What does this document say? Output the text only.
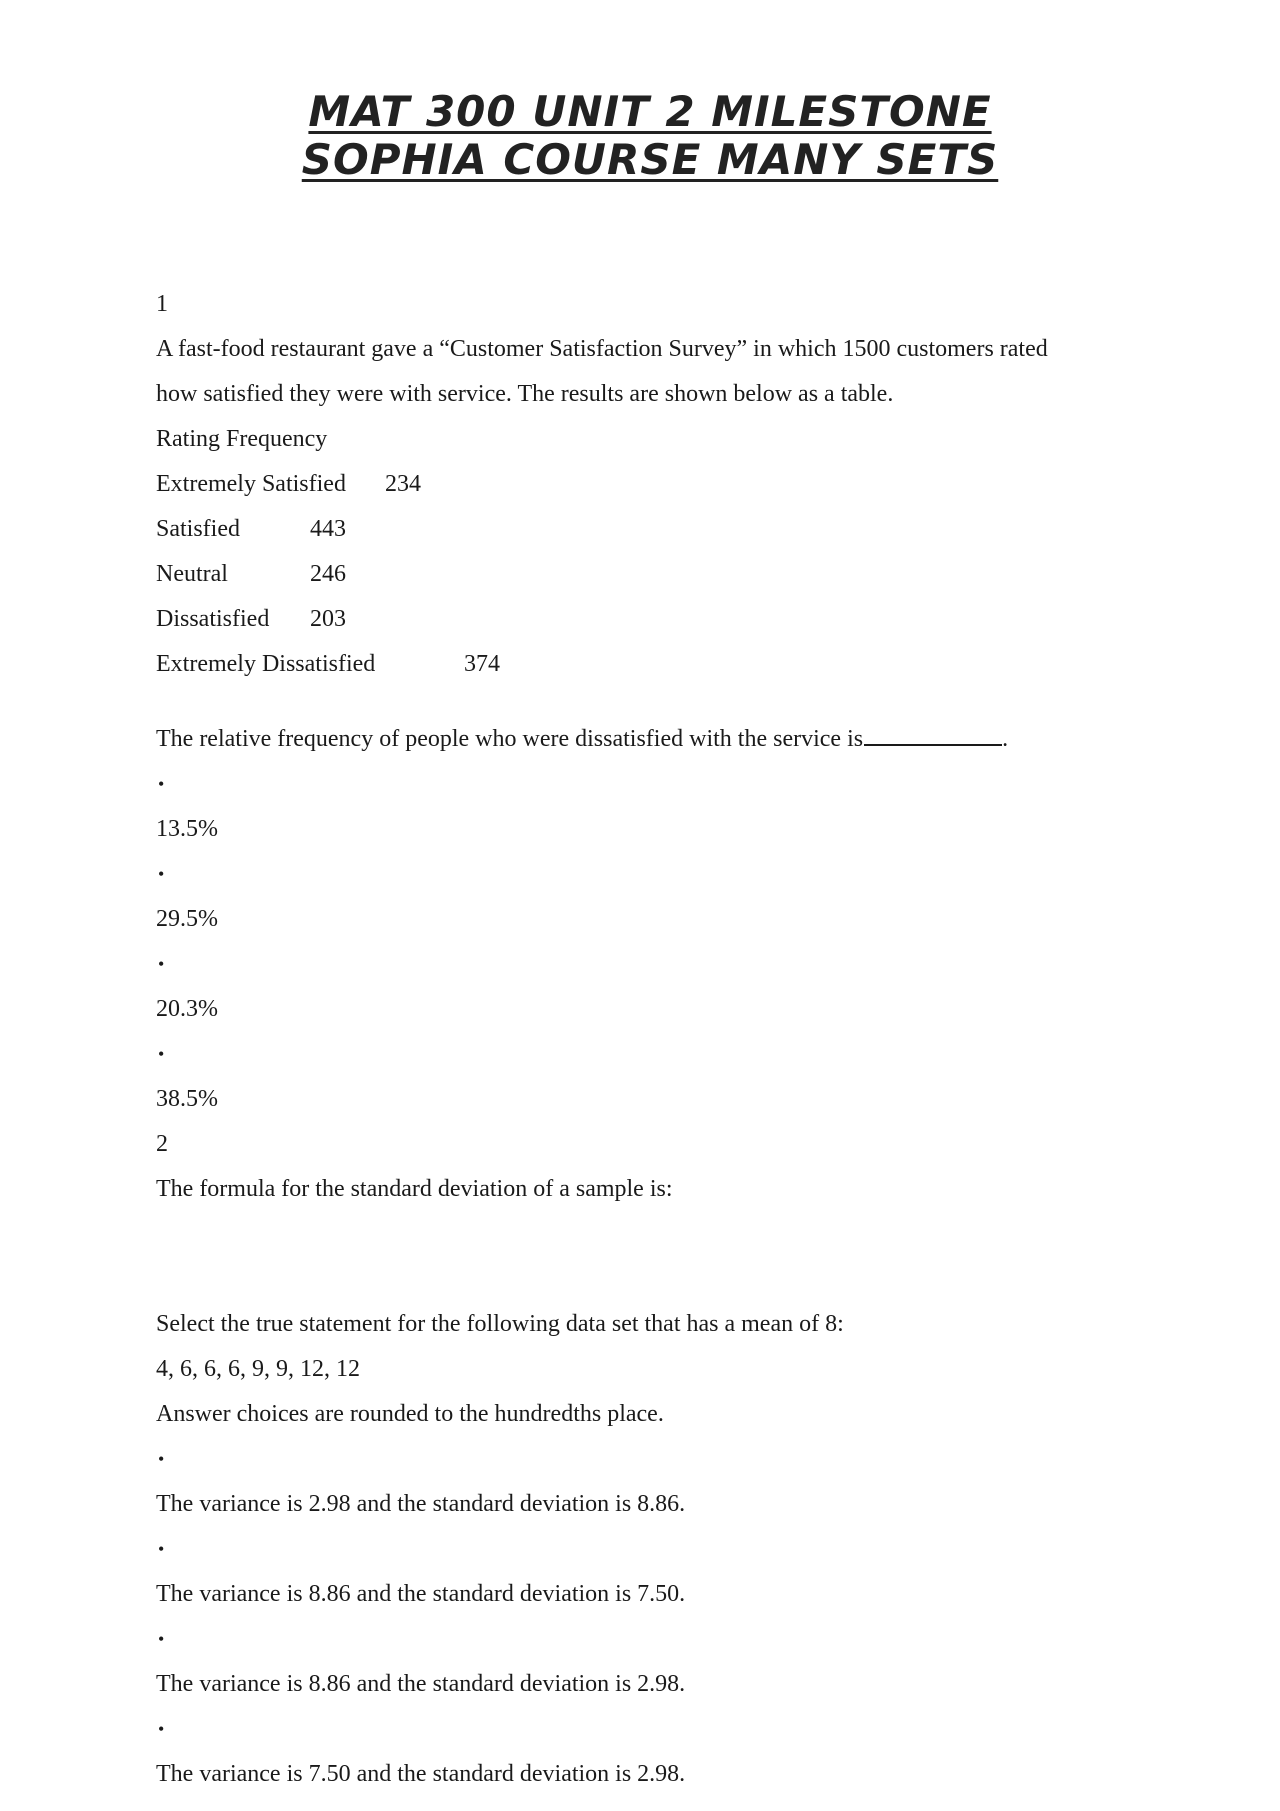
MAT 300 UNIT 2 MILESTONE
SOPHIA COURSE MANY SETS
1
A fast-food restaurant gave a “Customer Satisfaction Survey” in which 1500 customers rated
how satisfied they were with service. The results are shown below as a table.
Rating Frequency
Extremely Satisfied 234
Satisfied	443
Neutral	246
Dissatisfied 203
Extremely Dissatisfied	374
The relative frequency of people who were dissatisfied with the service is	.
•
13.5%
•
29.5%
•
20.3%
•
38.5%
2
The formula for the standard deviation of a sample is:
Select the true statement for the following data set that has a mean of 8:
4, 6, 6, 6, 9, 9, 12, 12
Answer choices are rounded to the hundredths place.
•
The variance is 2.98 and the standard deviation is 8.86.
•
The variance is 8.86 and the standard deviation is 7.50.
•
The variance is 8.86 and the standard deviation is 2.98.
•
The variance is 7.50 and the standard deviation is 2.98.
